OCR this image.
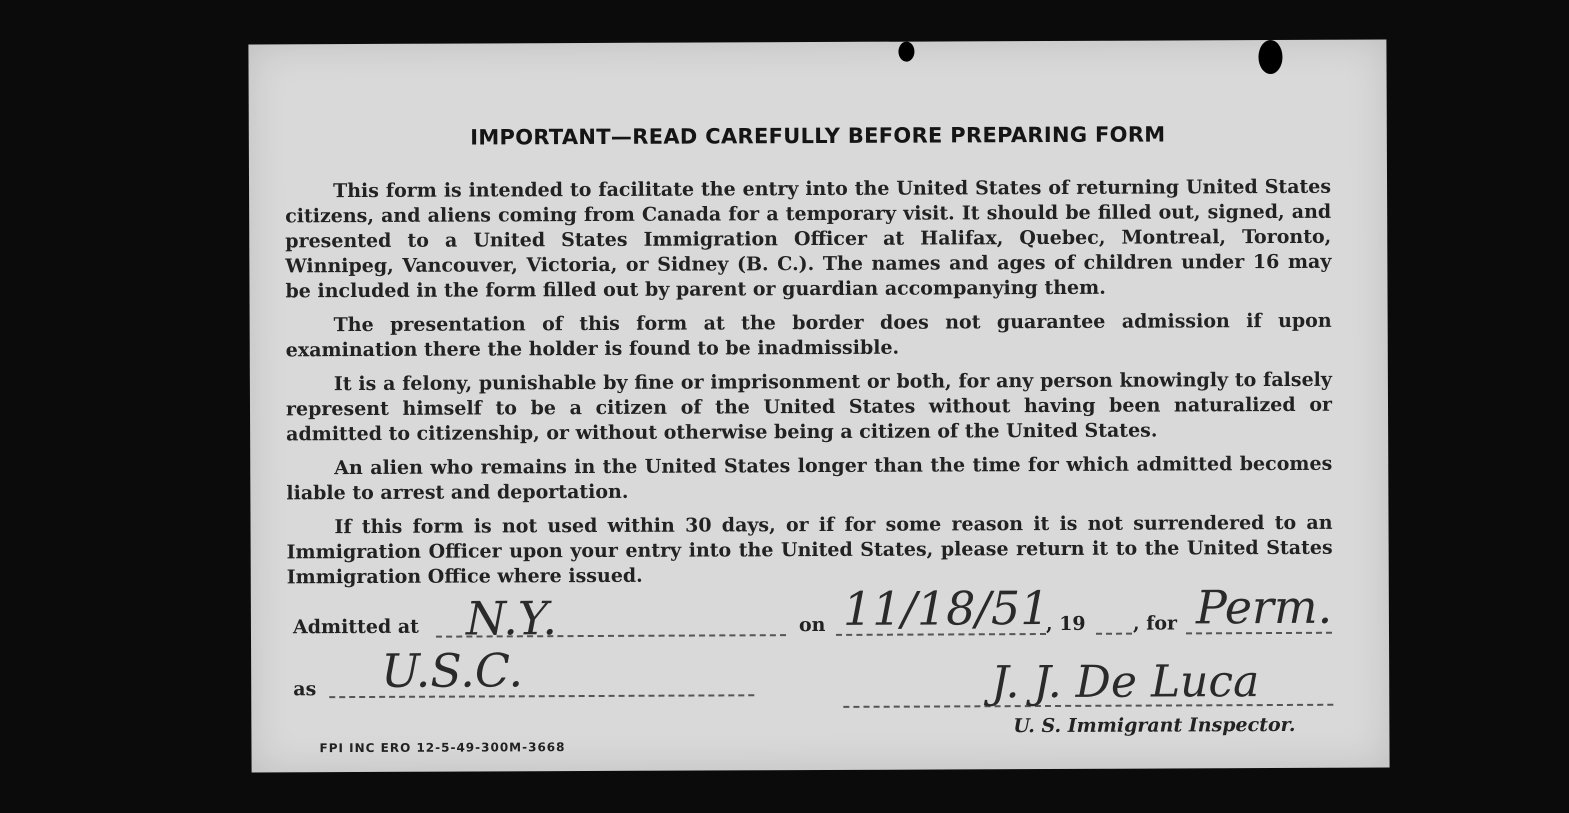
IMPORTANT—READ CAREFULLY BEFORE PREPARING FORM

This form is intended to facilitate the entry into the United States of returning United States citizens, and aliens coming from Canada for a temporary visit. It should be filled out, signed, and presented to a United States Immigration Officer at Halifax, Quebec, Montreal, Toronto, Winnipeg, Vancouver, Victoria, or Sidney (B. C.). The names and ages of children under 16 may be included in the form filled out by parent or guardian accompanying them.

The presentation of this form at the border does not guarantee admission if upon examination there the holder is found to be inadmissible.

It is a felony, punishable by fine or imprisonment or both, for any person knowingly to falsely represent himself to be a citizen of the United States without having been naturalized or admitted to citizenship, or without otherwise being a citizen of the United States.

An alien who remains in the United States longer than the time for which admitted becomes liable to arrest and deportation.

If this form is not used within 30 days, or if for some reason it is not surrendered to an Immigration Officer upon your entry into the United States, please return it to the United States Immigration Office where issued.

Admitted at N.Y.	on 11/18/51
, 19 , for Perm.
as U.S.C.	J. J. De Luca
U. S. Immigrant Inspector.
FPI INC ERO 12-5-49-300M-3668
